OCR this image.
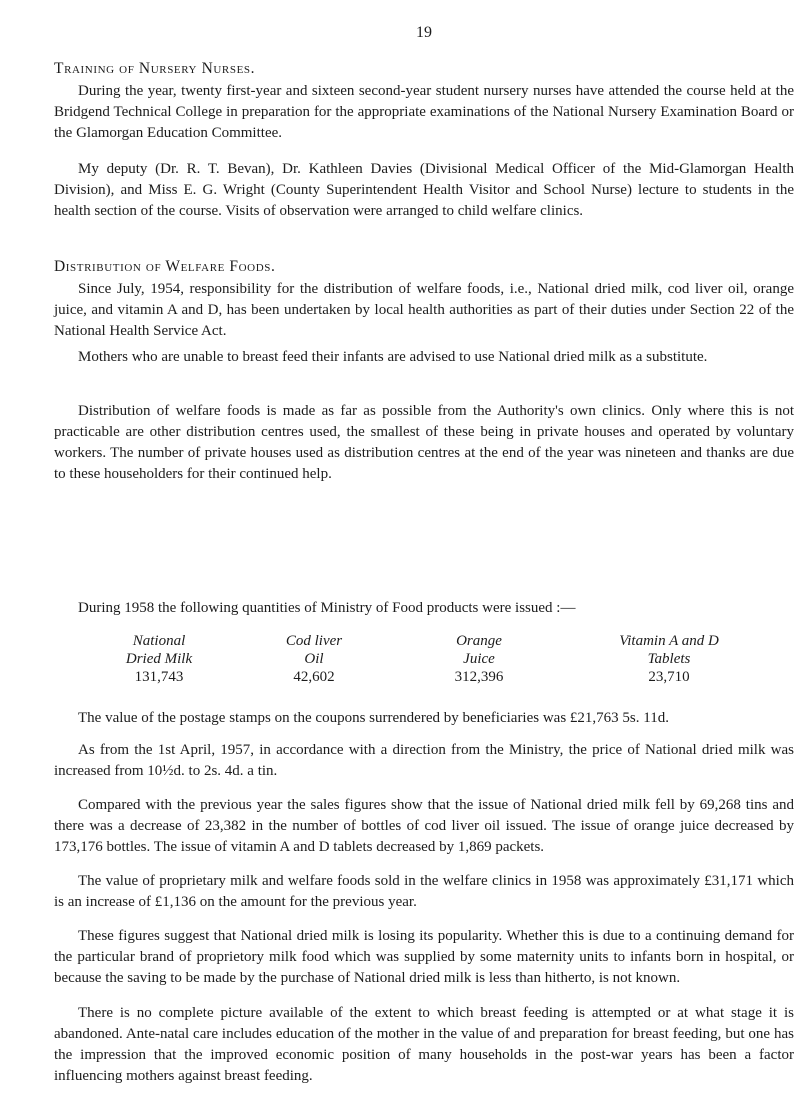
19
Training of Nursery Nurses.

During the year, twenty first-year and sixteen second-year student nursery nurses have attended the course held at the Bridgend Technical College in preparation for the appropriate examinations of the National Nursery Examination Board or the Glamorgan Education Committee.

My deputy (Dr. R. T. Bevan), Dr. Kathleen Davies (Divisional Medical Officer of the Mid-Glamorgan Health Division), and Miss E. G. Wright (County Superintendent Health Visitor and School Nurse) lecture to students in the health section of the course. Visits of observation were arranged to child welfare clinics.

Distribution of Welfare Foods.

Since July, 1954, responsibility for the distribution of welfare foods, i.e., National dried milk, cod liver oil, orange juice, and vitamin A and D, has been undertaken by local health authorities as part of their duties under Section 22 of the National Health Service Act.

Mothers who are unable to breast feed their infants are advised to use National dried milk as a substitute.

Distribution of welfare foods is made as far as possible from the Authority's own clinics. Only where this is not practicable are other distribution centres used, the smallest of these being in private houses and operated by voluntary workers. The number of private houses used as distribution centres at the end of the year was nineteen and thanks are due to these householders for their continued help.

During 1958 the following quantities of Ministry of Food products were issued :—

National
Dried Milk
131,743
Cod liver
Oil
42,602
Orange
Juice
312,396
Vitamin A and D
Tablets
23,710

The value of the postage stamps on the coupons surrendered by beneficiaries was £21,763 5s. 11d.

As from the 1st April, 1957, in accordance with a direction from the Ministry, the price of National dried milk was increased from 10½d. to 2s. 4d. a tin.

Compared with the previous year the sales figures show that the issue of National dried milk fell by 69,268 tins and there was a decrease of 23,382 in the number of bottles of cod liver oil issued. The issue of orange juice decreased by 173,176 bottles. The issue of vitamin A and D tablets decreased by 1,869 packets.

The value of proprietary milk and welfare foods sold in the welfare clinics in 1958 was approximately £31,171 which is an increase of £1,136 on the amount for the previous year.

These figures suggest that National dried milk is losing its popularity. Whether this is due to a continuing demand for the particular brand of proprietory milk food which was supplied by some maternity units to infants born in hospital, or because the saving to be made by the purchase of National dried milk is less than hitherto, is not known.

There is no complete picture available of the extent to which breast feeding is attempted or at what stage it is abandoned. Ante-natal care includes education of the mother in the value of and preparation for breast feeding, but one has the impression that the improved economic position of many households in the post-war years has been a factor influencing mothers against breast feeding.
